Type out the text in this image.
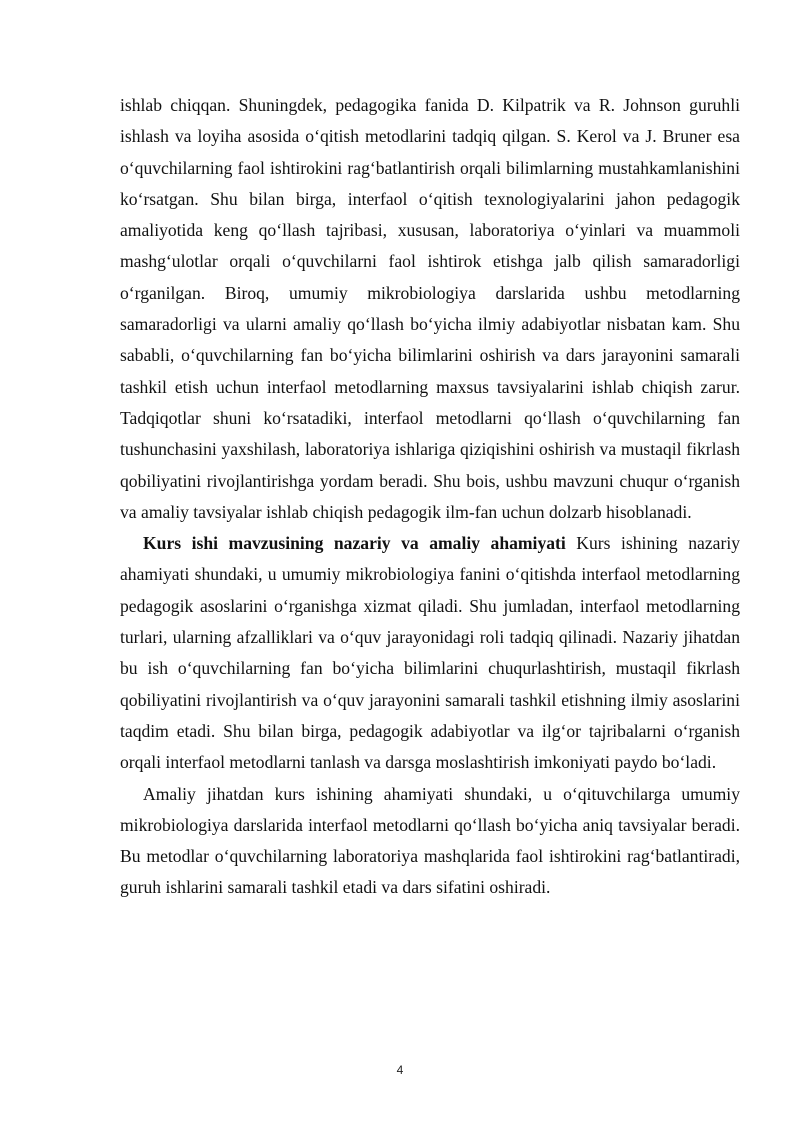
ishlab chiqqan. Shuningdek, pedagogika fanida D. Kilpatrik va R. Johnson guruhli ishlash va loyiha asosida o‘qitish metodlarini tadqiq qilgan. S. Kerol va J. Bruner esa o‘quvchilarning faol ishtirokini rag‘batlantirish orqali bilimlarning mustahkamlanishini ko‘rsatgan. Shu bilan birga, interfaol o‘qitish texnologiyalarini jahon pedagogik amaliyotida keng qo‘llash tajribasi, xususan, laboratoriya o‘yinlari va muammoli mashg‘ulotlar orqali o‘quvchilarni faol ishtirok etishga jalb qilish samaradorligi o‘rganilgan. Biroq, umumiy mikrobiologiya darslarida ushbu metodlarning samaradorligi va ularni amaliy qo‘llash bo‘yicha ilmiy adabiyotlar nisbatan kam. Shu sababli, o‘quvchilarning fan bo‘yicha bilimlarini oshirish va dars jarayonini samarali tashkil etish uchun interfaol metodlarning maxsus tavsiyalarini ishlab chiqish zarur. Tadqiqotlar shuni ko‘rsatadiki, interfaol metodlarni qo‘llash o‘quvchilarning fan tushunchasini yaxshilash, laboratoriya ishlariga qiziqishini oshirish va mustaqil fikrlash qobiliyatini rivojlantirishga yordam beradi. Shu bois, ushbu mavzuni chuqur o‘rganish va amaliy tavsiyalar ishlab chiqish pedagogik ilm-fan uchun dolzarb hisoblanadi.

Kurs ishi mavzusining nazariy va amaliy ahamiyati Kurs ishining nazariy ahamiyati shundaki, u umumiy mikrobiologiya fanini o‘qitishda interfaol metodlarning pedagogik asoslarini o‘rganishga xizmat qiladi. Shu jumladan, interfaol metodlarning turlari, ularning afzalliklari va o‘quv jarayonidagi roli tadqiq qilinadi. Nazariy jihatdan bu ish o‘quvchilarning fan bo‘yicha bilimlarini chuqurlashtirish, mustaqil fikrlash qobiliyatini rivojlantirish va o‘quv jarayonini samarali tashkil etishning ilmiy asoslarini taqdim etadi. Shu bilan birga, pedagogik adabiyotlar va ilg‘or tajribalarni o‘rganish orqali interfaol metodlarni tanlash va darsga moslashtirish imkoniyati paydo bo‘ladi.

Amaliy jihatdan kurs ishining ahamiyati shundaki, u o‘qituvchilarga umumiy mikrobiologiya darslarida interfaol metodlarni qo‘llash bo‘yicha aniq tavsiyalar beradi. Bu metodlar o‘quvchilarning laboratoriya mashqlarida faol ishtirokini rag‘batlantiradi, guruh ishlarini samarali tashkil etadi va dars sifatini oshiradi.

4
